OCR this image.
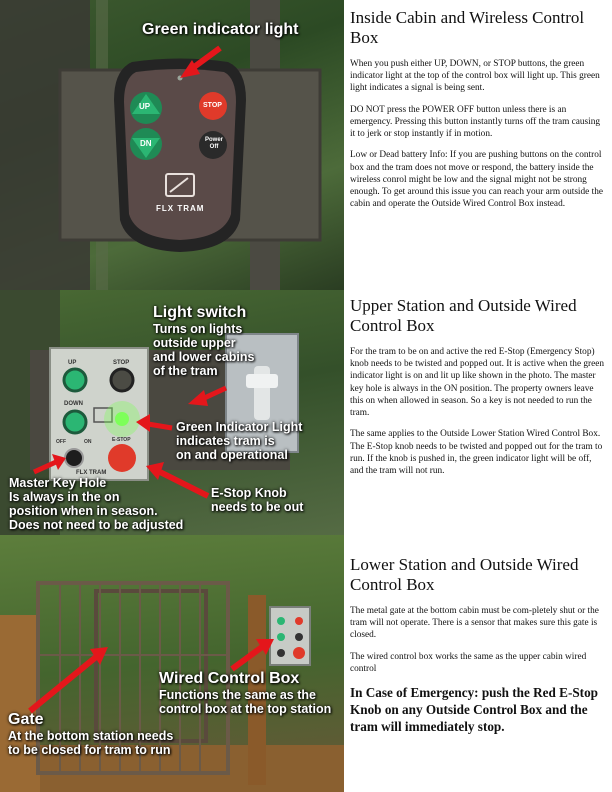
UP
DN
STOP
Power Off
FLX TRAM
Green indicator light
UP	STOP
DOWN
OFF	ON	E-STOP
FLX TRAM
Light switch
Turns on lights
outside upper
and lower cabins
of the tram
Green Indicator Light
indicates tram is
on and operational
Master Key Hole
Is always in the on
position when in season.
Does not need to be adjusted
E-Stop Knob
needs to be out
Wired Control Box
Functions the same as the
control box at the top station
Gate
At the bottom station needs
to be closed for tram to run
Inside Cabin and Wireless Control Box

When you push either UP, DOWN, or STOP buttons, the green indicator light at the top of the control box will light up. This green light indicates a signal is being sent.

DO NOT press the POWER OFF button unless there is an emergency. Pressing this button instantly turns off the tram causing it to jerk or stop instantly if in motion.

Low or Dead battery Info: If you are pushing buttons on the control box and the tram does not move or respond, the battery inside the wireless conrol might be low and the signal might not be strong enough. To get around this issue you can reach your arm outside the cabin and operate the Outside Wired Control Box instead.

Upper Station and Outside Wired Control Box

For the tram to be on and active the red E-Stop (Emergency Stop) knob needs to be twisted and popped out. It is active when the green indicator light is on and lit up like shown in the photo. The master key hole is always in the ON position. The property owners leave this on when allowed in season. So a key is not needed to run the tram.

The same applies to the Outside Lower Station Wired Control Box. The E-Stop knob needs to be twisted and popped out for the tram to run. If the knob is pushed in, the green indicator light will be off, and the tram will not run.

Lower Station and Outside Wired Control Box

The metal gate at the bottom cabin must be com-pletely shut or the tram will not operate. There is a sensor that makes sure this gate is closed.

The wired control box works the same as the upper cabin wired control

In Case of Emergency: push the Red E-Stop Knob on any Outside Control Box and the tram will immediately stop.
